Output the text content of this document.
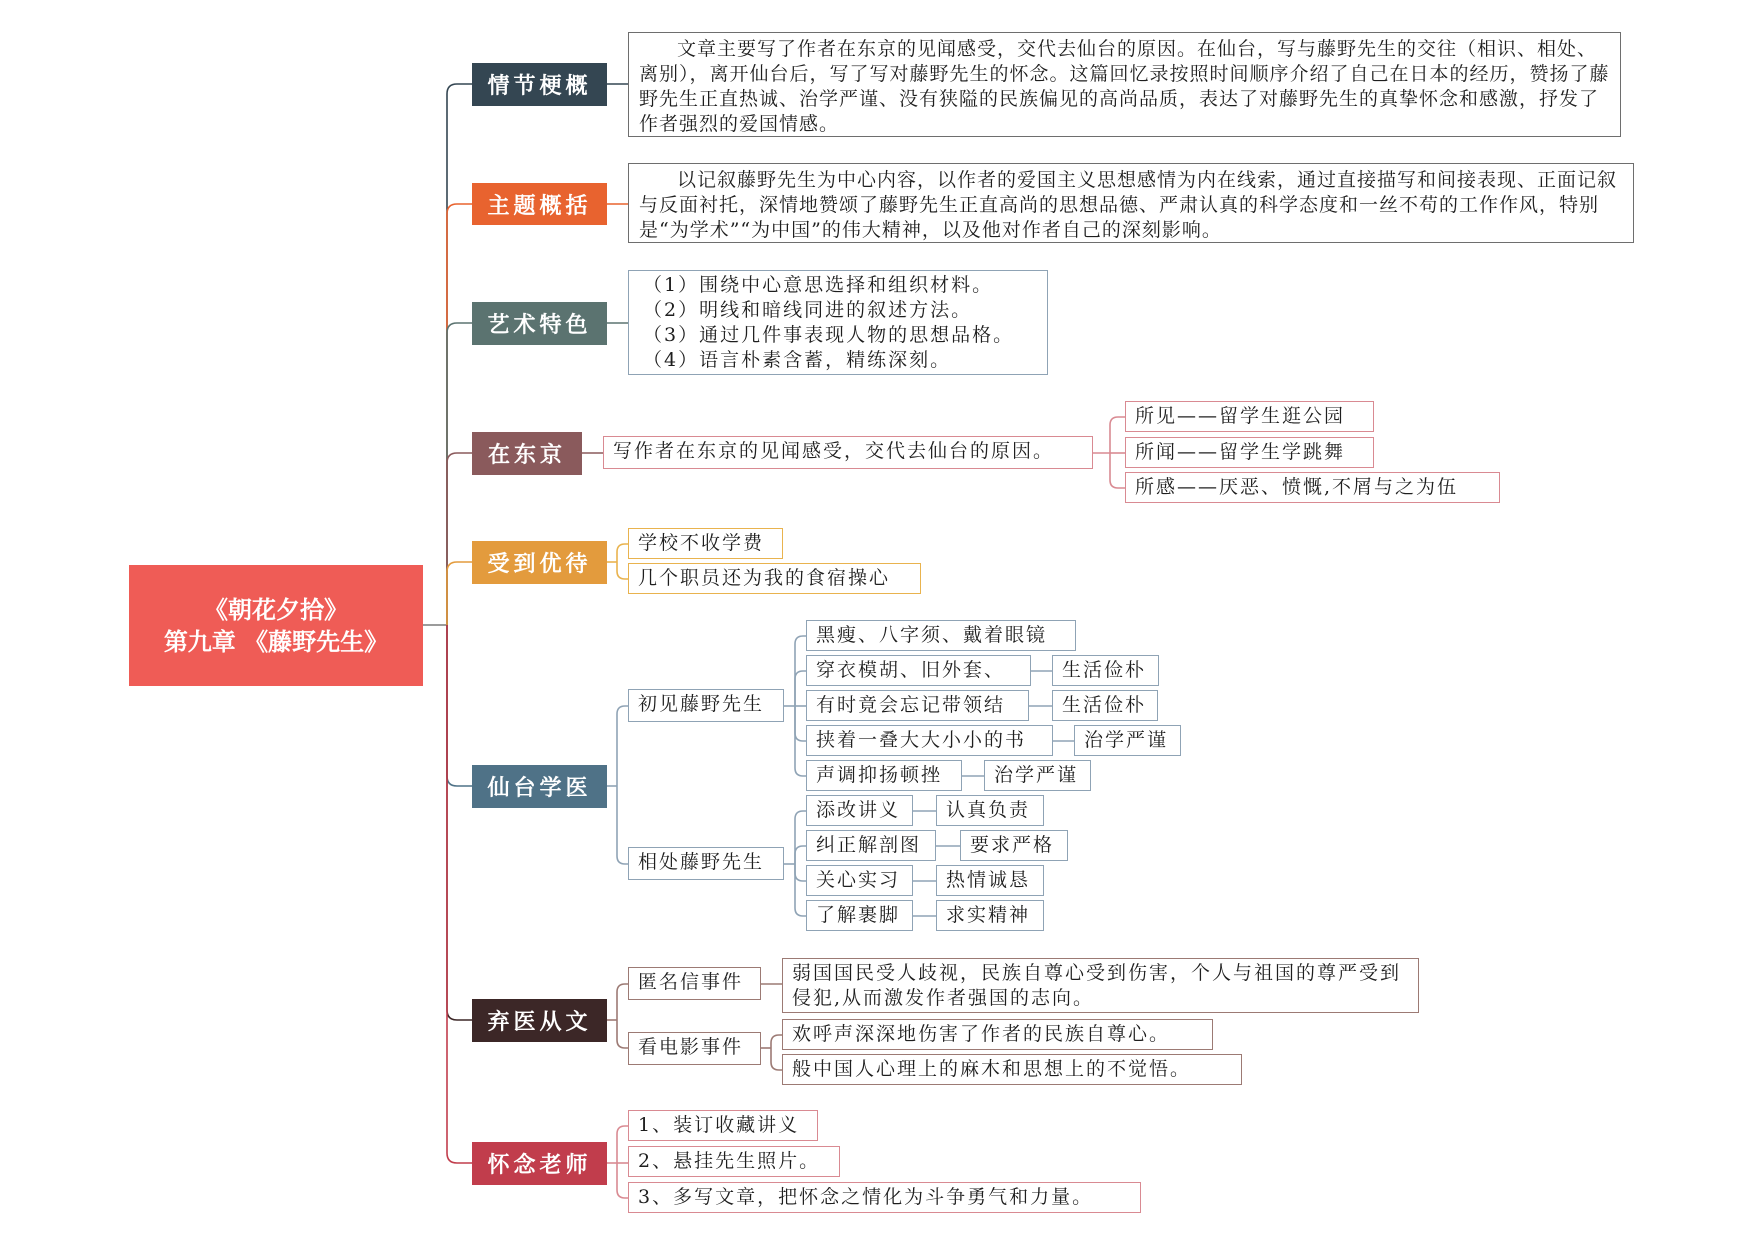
《朝花夕拾》
第九章 《藤野先生》
情节梗概
主题概括
艺术特色
在东京
受到优待
仙台学医
弃医从文
怀念老师
文章主要写了作者在东京的见闻感受，交代去仙台的原因。在仙台，写与藤野先生的交往（相识、相处、离别），离开仙台后，写了写对藤野先生的怀念。这篇回忆录按照时间顺序介绍了自己在日本的经历，赞扬了藤野先生正直热诚、治学严谨、没有狭隘的民族偏见的高尚品质，表达了对藤野先生的真挚怀念和感激，抒发了作者强烈的爱国情感。
以记叙藤野先生为中心内容，以作者的爱国主义思想感情为内在线索，通过直接描写和间接表现、正面记叙与反面衬托，深情地赞颂了藤野先生正直高尚的思想品德、严肃认真的科学态度和一丝不苟的工作作风，特别是“为学术”“为中国”的伟大精神，以及他对作者自己的深刻影响。
（1）围绕中心意思选择和组织材料。
（2）明线和暗线同进的叙述方法。
（3）通过几件事表现人物的思想品格。
（4）语言朴素含蓄，精练深刻。
写作者在东京的见闻感受，交代去仙台的原因。
所见——留学生逛公园
所闻——留学生学跳舞
所感——厌恶、愤慨,不屑与之为伍
学校不收学费
几个职员还为我的食宿操心
初见藤野先生
相处藤野先生
黑瘦、八字须、戴着眼镜
穿衣模胡、旧外套、	生活俭朴
有时竟会忘记带领结	生活俭朴
挟着一叠大大小小的书	治学严谨
声调抑扬顿挫	治学严谨
添改讲义	认真负责
纠正解剖图	要求严格
关心实习	热情诚恳
了解裹脚	求实精神
匿名信事件	弱国国民受人歧视，民族自尊心受到伤害，个人与祖国的尊严受到侵犯,从而激发作者强国的志向。
看电影事件
欢呼声深深地伤害了作者的民族自尊心。
般中国人心理上的麻木和思想上的不觉悟。
1、装订收藏讲义
2、悬挂先生照片。
3、多写文章，把怀念之情化为斗争勇气和力量。
